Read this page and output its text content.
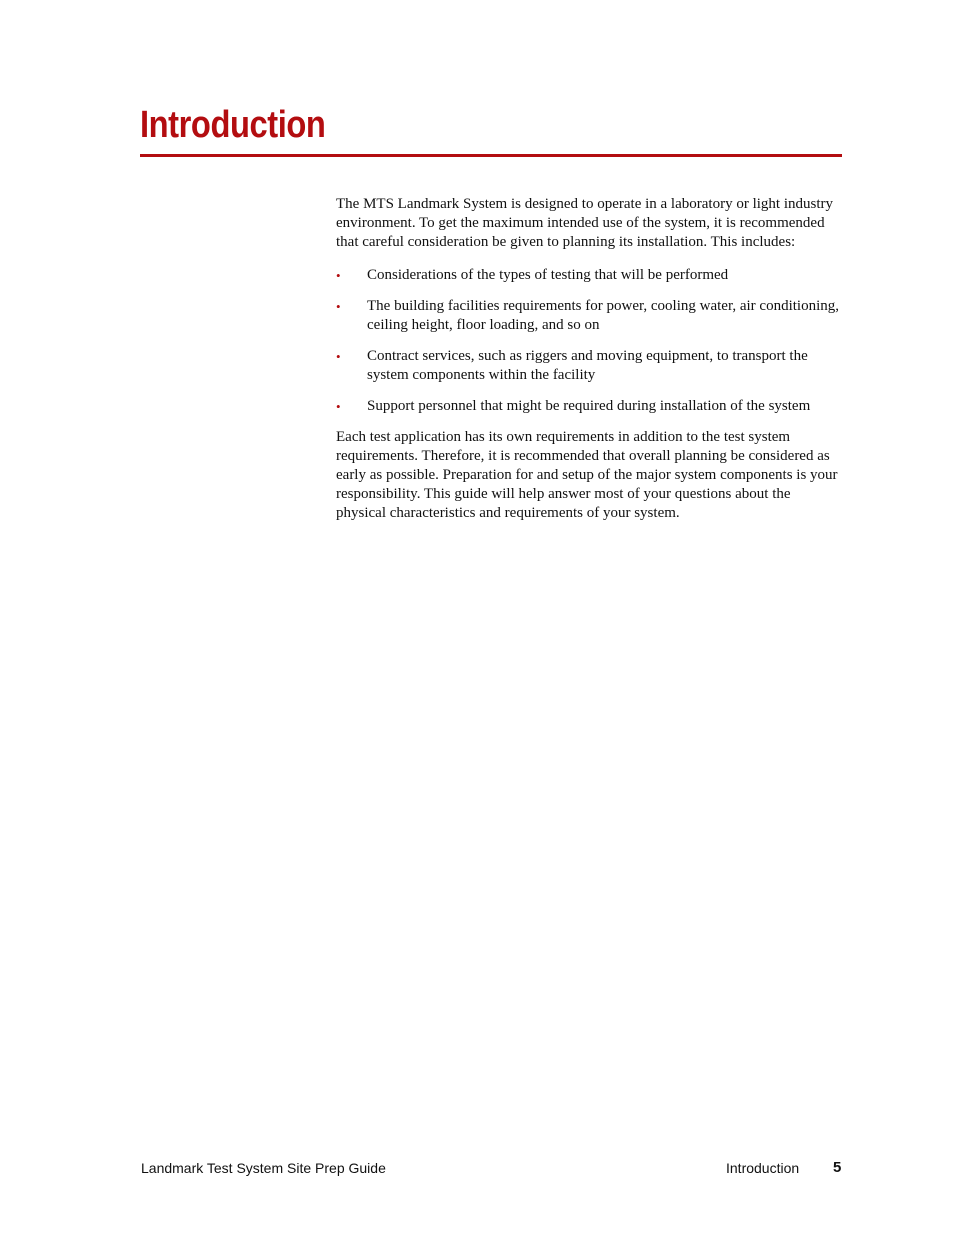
Introduction

The MTS Landmark System is designed to operate in a laboratory or light industry environment. To get the maximum intended use of the system, it is recommended that careful consideration be given to planning its installation. This includes:

• Considerations of the types of testing that will be performed
• The building facilities requirements for power, cooling water, air conditioning, ceiling height, floor loading, and so on
• Contract services, such as riggers and moving equipment, to transport the system components within the facility
• Support personnel that might be required during installation of the system

Each test application has its own requirements in addition to the test system requirements. Therefore, it is recommended that overall planning be considered as early as possible. Preparation for and setup of the major system components is your responsibility. This guide will help answer most of your questions about the physical characteristics and requirements of your system.

Landmark Test System Site Prep Guide	Introduction 5
